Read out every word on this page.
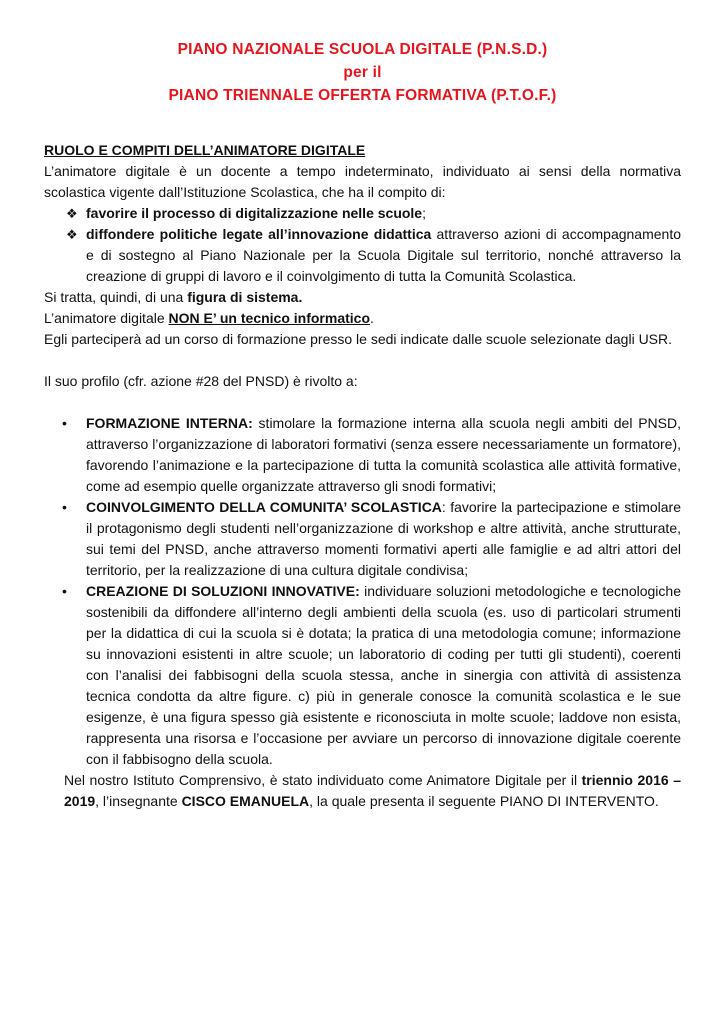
PIANO NAZIONALE SCUOLA DIGITALE (P.N.S.D.)
per il
PIANO TRIENNALE OFFERTA FORMATIVA (P.T.O.F.)

RUOLO E COMPITI DELL’ANIMATORE DIGITALE

L’animatore digitale è un docente a tempo indeterminato, individuato ai sensi della normativa scolastica vigente dall’Istituzione Scolastica, che ha il compito di:

❖ favorire il processo di digitalizzazione nelle scuole;
❖ diffondere politiche legate all’innovazione didattica attraverso azioni di accompagnamento e di sostegno al Piano Nazionale per la Scuola Digitale sul territorio, nonché attraverso la creazione di gruppi di lavoro e il coinvolgimento di tutta la Comunità Scolastica.

Si tratta, quindi, di una figura di sistema.

L’animatore digitale NON E’ un tecnico informatico.

Egli parteciperà ad un corso di formazione presso le sedi indicate dalle scuole selezionate dagli USR.

Il suo profilo (cfr. azione #28 del PNSD) è rivolto a:

• FORMAZIONE INTERNA: stimolare la formazione interna alla scuola negli ambiti del PNSD, attraverso l’organizzazione di laboratori formativi (senza essere necessariamente un formatore), favorendo l’animazione e la partecipazione di tutta la comunità scolastica alle attività formative, come ad esempio quelle organizzate attraverso gli snodi formativi;
• COINVOLGIMENTO DELLA COMUNITA’ SCOLASTICA: favorire la partecipazione e stimolare il protagonismo degli studenti nell’organizzazione di workshop e altre attività, anche strutturate, sui temi del PNSD, anche attraverso momenti formativi aperti alle famiglie e ad altri attori del territorio, per la realizzazione di una cultura digitale condivisa;
• CREAZIONE DI SOLUZIONI INNOVATIVE: individuare soluzioni metodologiche e tecnologiche sostenibili da diffondere all’interno degli ambienti della scuola (es. uso di particolari strumenti per la didattica di cui la scuola si è dotata; la pratica di una metodologia comune; informazione su innovazioni esistenti in altre scuole; un laboratorio di coding per tutti gli studenti), coerenti con l’analisi dei fabbisogni della scuola stessa, anche in sinergia con attività di assistenza tecnica condotta da altre figure. c) più in generale conosce la comunità scolastica e le sue esigenze, è una figura spesso già esistente e riconosciuta in molte scuole; laddove non esista, rappresenta una risorsa e l’occasione per avviare un percorso di innovazione digitale coerente con il fabbisogno della scuola.

Nel nostro Istituto Comprensivo, è stato individuato come Animatore Digitale per il triennio 2016 – 2019, l’insegnante CISCO EMANUELA, la quale presenta il seguente PIANO DI INTERVENTO.
